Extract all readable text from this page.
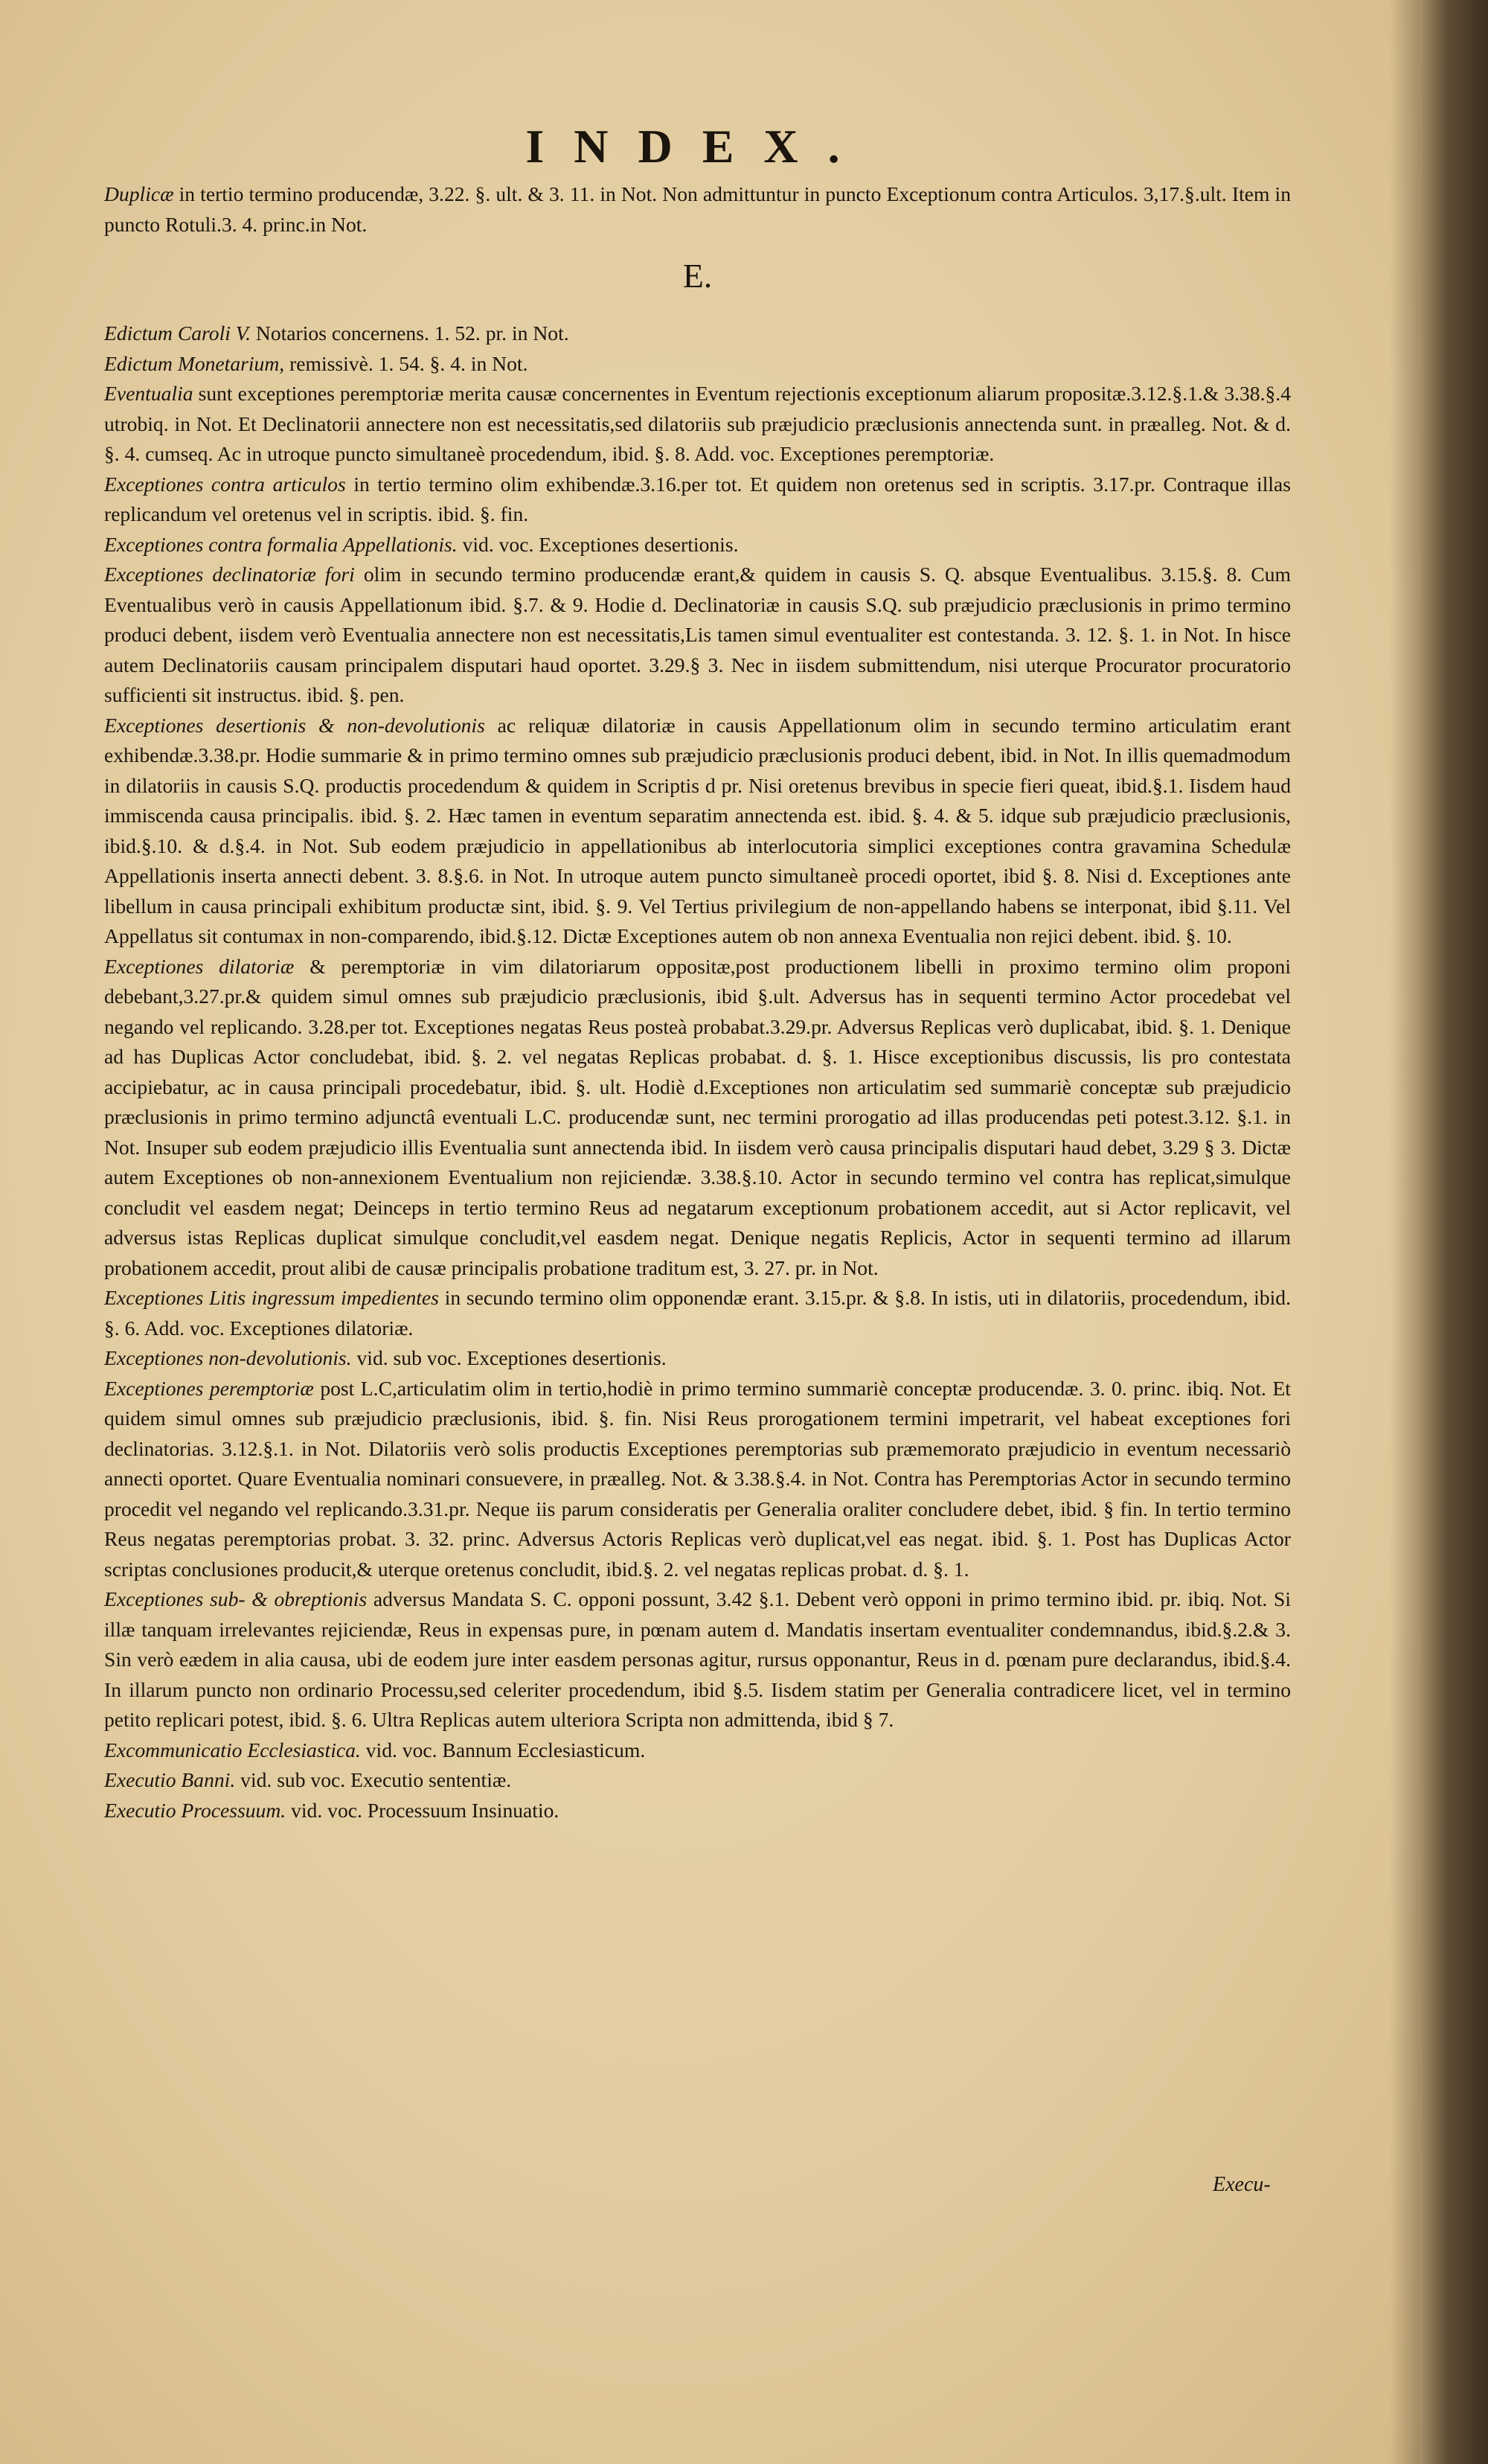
INDEX.

Duplicæ in tertio termino producendæ, 3.22. §. ult. & 3. 11. in Not. Non admittuntur in puncto Exceptionum contra Articulos. 3,17.§.ult. Item in puncto Rotuli.3. 4. princ.in Not.

E.

Edictum Caroli V. Notarios concernens. 1. 52. pr. in Not.

Edictum Monetarium, remissivè. 1. 54. §. 4. in Not.

Eventualia sunt exceptiones peremptoriæ merita causæ concernentes in Eventum rejectionis exceptionum aliarum propositæ.3.12.§.1.& 3.38.§.4 utrobiq. in Not. Et Declinatorii annectere non est necessitatis,sed dilatoriis sub præjudicio præclusionis annectenda sunt. in præalleg. Not. & d. §. 4. cumseq. Ac in utroque puncto simultaneè procedendum, ibid. §. 8. Add. voc. Exceptiones peremptoriæ.

Exceptiones contra articulos in tertio termino olim exhibendæ.3.16.per tot. Et quidem non oretenus sed in scriptis. 3.17.pr. Contraque illas replicandum vel oretenus vel in scriptis. ibid. §. fin.

Exceptiones contra formalia Appellationis. vid. voc. Exceptiones desertionis.

Exceptiones declinatoriæ fori olim in secundo termino producendæ erant,& quidem in causis S. Q. absque Eventualibus. 3.15.§. 8. Cum Eventualibus verò in causis Appellationum ibid. §.7. & 9. Hodie d. Declinatoriæ in causis S.Q. sub præjudicio præclusionis in primo termino produci debent, iisdem verò Eventualia annectere non est necessitatis,Lis tamen simul eventualiter est contestanda. 3. 12. §. 1. in Not. In hisce autem Declinatoriis causam principalem disputari haud oportet. 3.29.§ 3. Nec in iisdem submittendum, nisi uterque Procurator procuratorio sufficienti sit instructus. ibid. §. pen.

Exceptiones desertionis & non-devolutionis ac reliquæ dilatoriæ in causis Appellationum olim in secundo termino articulatim erant exhibendæ.3.38.pr. Hodie summarie & in primo termino omnes sub præjudicio præclusionis produci debent, ibid. in Not. In illis quemadmodum in dilatoriis in causis S.Q. productis procedendum & quidem in Scriptis d pr. Nisi oretenus brevibus in specie fieri queat, ibid.§.1. Iisdem haud immiscenda causa principalis. ibid. §. 2. Hæc tamen in eventum separatim annectenda est. ibid. §. 4. & 5. idque sub præjudicio præclusionis, ibid.§.10. & d.§.4. in Not. Sub eodem præjudicio in appellationibus ab interlocutoria simplici exceptiones contra gravamina Schedulæ Appellationis inserta annecti debent. 3. 8.§.6. in Not. In utroque autem puncto simultaneè procedi oportet, ibid §. 8. Nisi d. Exceptiones ante libellum in causa principali exhibitum productæ sint, ibid. §. 9. Vel Tertius privilegium de non-appellando habens se interponat, ibid §.11. Vel Appellatus sit contumax in non-comparendo, ibid.§.12. Dictæ Exceptiones autem ob non annexa Eventualia non rejici debent. ibid. §. 10.

Exceptiones dilatoriæ & peremptoriæ in vim dilatoriarum oppositæ,post productionem libelli in proximo termino olim proponi debebant,3.27.pr.& quidem simul omnes sub præjudicio præclusionis, ibid §.ult. Adversus has in sequenti termino Actor procedebat vel negando vel replicando. 3.28.per tot. Exceptiones negatas Reus posteà probabat.3.29.pr. Adversus Replicas verò duplicabat, ibid. §. 1. Denique ad has Duplicas Actor concludebat, ibid. §. 2. vel negatas Replicas probabat. d. §. 1. Hisce exceptionibus discussis, lis pro contestata accipiebatur, ac in causa principali procedebatur, ibid. §. ult. Hodiè d.Exceptiones non articulatim sed summariè conceptæ sub præjudicio præclusionis in primo termino adjunctâ eventuali L.C. producendæ sunt, nec termini prorogatio ad illas producendas peti potest.3.12. §.1. in Not. Insuper sub eodem præjudicio illis Eventualia sunt annectenda ibid. In iisdem verò causa principalis disputari haud debet, 3.29 § 3. Dictæ autem Exceptiones ob non-annexionem Eventualium non rejiciendæ. 3.38.§.10. Actor in secundo termino vel contra has replicat,simulque concludit vel easdem negat; Deinceps in tertio termino Reus ad negatarum exceptionum probationem accedit, aut si Actor replicavit, vel adversus istas Replicas duplicat simulque concludit,vel easdem negat. Denique negatis Replicis, Actor in sequenti termino ad illarum probationem accedit, prout alibi de causæ principalis probatione traditum est, 3. 27. pr. in Not.

Exceptiones Litis ingressum impedientes in secundo termino olim opponendæ erant. 3.15.pr. & §.8. In istis, uti in dilatoriis, procedendum, ibid. §. 6. Add. voc. Exceptiones dilatoriæ.

Exceptiones non-devolutionis. vid. sub voc. Exceptiones desertionis.

Exceptiones peremptoriæ post L.C,articulatim olim in tertio,hodiè in primo termino summariè conceptæ producendæ. 3. 0. princ. ibiq. Not. Et quidem simul omnes sub præjudicio præclusionis, ibid. §. fin. Nisi Reus prorogationem termini impetrarit, vel habeat exceptiones fori declinatorias. 3.12.§.1. in Not. Dilatoriis verò solis productis Exceptiones peremptorias sub præmemorato præjudicio in eventum necessariò annecti oportet. Quare Eventualia nominari consuevere, in præalleg. Not. & 3.38.§.4. in Not. Contra has Peremptorias Actor in secundo termino procedit vel negando vel replicando.3.31.pr. Neque iis parum consideratis per Generalia oraliter concludere debet, ibid. § fin. In tertio termino Reus negatas peremptorias probat. 3. 32. princ. Adversus Actoris Replicas verò duplicat,vel eas negat. ibid. §. 1. Post has Duplicas Actor scriptas conclusiones producit,& uterque oretenus concludit, ibid.§. 2. vel negatas replicas probat. d. §. 1.

Exceptiones sub- & obreptionis adversus Mandata S. C. opponi possunt, 3.42 §.1. Debent verò opponi in primo termino ibid. pr. ibiq. Not. Si illæ tanquam irrelevantes rejiciendæ, Reus in expensas pure, in pœnam autem d. Mandatis insertam eventualiter condemnandus, ibid.§.2.& 3. Sin verò eædem in alia causa, ubi de eodem jure inter easdem personas agitur, rursus opponantur, Reus in d. pœnam pure declarandus, ibid.§.4. In illarum puncto non ordinario Processu,sed celeriter procedendum, ibid §.5. Iisdem statim per Generalia contradicere licet, vel in termino petito replicari potest, ibid. §. 6. Ultra Replicas autem ulteriora Scripta non admittenda, ibid § 7.

Excommunicatio Ecclesiastica. vid. voc. Bannum Ecclesiasticum.

Executio Banni. vid. sub voc. Executio sententiæ.

Executio Processuum. vid. voc. Processuum Insinuatio.

Execu-
